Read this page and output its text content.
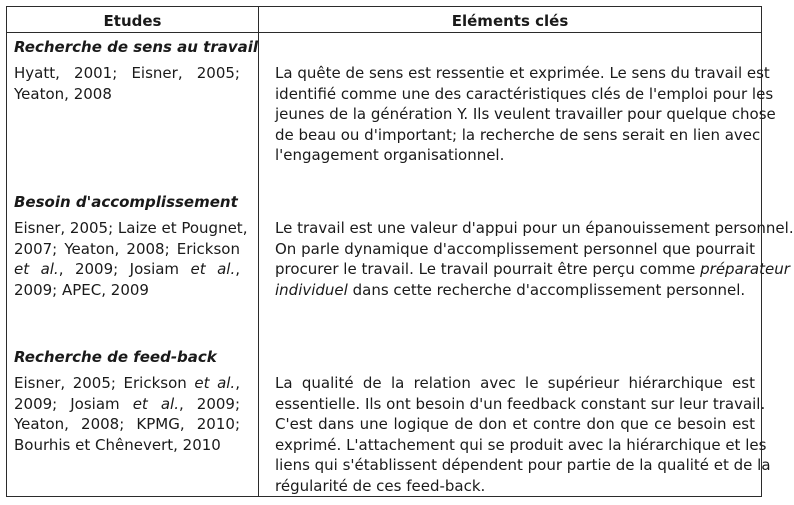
Etudes	Eléments clés
Recherche de sens au travail
Hyatt, 2001; Eisner, 2005;
Yeaton, 2008
La quête de sens est ressentie et exprimée. Le sens du travail est
identifié comme une des caractéristiques clés de l'emploi pour les
jeunes de la génération Y. Ils veulent travailler pour quelque chose
de beau ou d'important; la recherche de sens serait en lien avec
l'engagement organisationnel.
Besoin d'accomplissement
Eisner, 2005; Laize et Pougnet,
2007; Yeaton, 2008; Erickson
et al., 2009; Josiam et al.,
2009; APEC, 2009
Le travail est une valeur d'appui pour un épanouissement personnel.
On parle dynamique d'accomplissement personnel que pourrait
procurer le travail. Le travail pourrait être perçu comme préparateur
individuel dans cette recherche d'accomplissement personnel.
Recherche de feed-back
Eisner, 2005; Erickson et al.,
2009; Josiam et al., 2009;
Yeaton, 2008; KPMG, 2010;
Bourhis et Chênevert, 2010
La qualité de la relation avec le supérieur hiérarchique est
essentielle. Ils ont besoin d'un feedback constant sur leur travail.
C'est dans une logique de don et contre don que ce besoin est
exprimé. L'attachement qui se produit avec la hiérarchique et les
liens qui s'établissent dépendent pour partie de la qualité et de la
régularité de ces feed-back.
